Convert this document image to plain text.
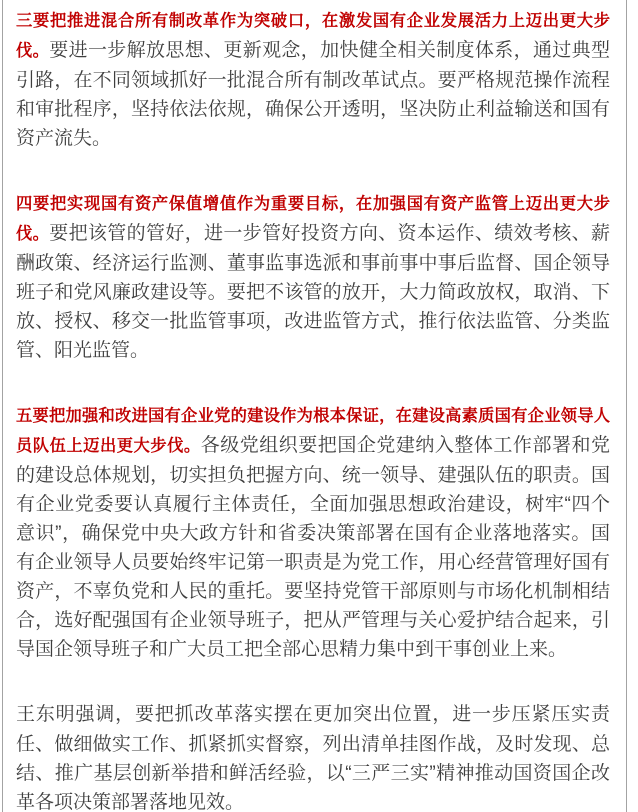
三要把推进混合所有制改革作为突破口，在激发国有企业发展活力上迈出更大步伐。要进一步解放思想、更新观念，加快健全相关制度体系，通过典型引路，在不同领域抓好一批混合所有制改革试点。要严格规范操作流程和审批程序，坚持依法依规，确保公开透明，坚决防止利益输送和国有资产流失。

四要把实现国有资产保值增值作为重要目标，在加强国有资产监管上迈出更大步伐。要把该管的管好，进一步管好投资方向、资本运作、绩效考核、薪酬政策、经济运行监测、董事监事选派和事前事中事后监督、国企领导班子和党风廉政建设等。要把不该管的放开，大力简政放权，取消、下放、授权、移交一批监管事项，改进监管方式，推行依法监管、分类监管、阳光监管。

五要把加强和改进国有企业党的建设作为根本保证，在建设高素质国有企业领导人员队伍上迈出更大步伐。各级党组织要把国企党建纳入整体工作部署和党的建设总体规划，切实担负把握方向、统一领导、建强队伍的职责。国有企业党委要认真履行主体责任，全面加强思想政治建设，树牢“四个意识”，确保党中央大政方针和省委决策部署在国有企业落地落实。国有企业领导人员要始终牢记第一职责是为党工作，用心经营管理好国有资产，不辜负党和人民的重托。要坚持党管干部原则与市场化机制相结合，选好配强国有企业领导班子，把从严管理与关心爱护结合起来，引导国企领导班子和广大员工把全部心思精力集中到干事创业上来。

王东明强调，要把抓改革落实摆在更加突出位置，进一步压紧压实责任、做细做实工作、抓紧抓实督察，列出清单挂图作战，及时发现、总结、推广基层创新举措和鲜活经验，以“三严三实”精神推动国资国企改革各项决策部署落地见效。
